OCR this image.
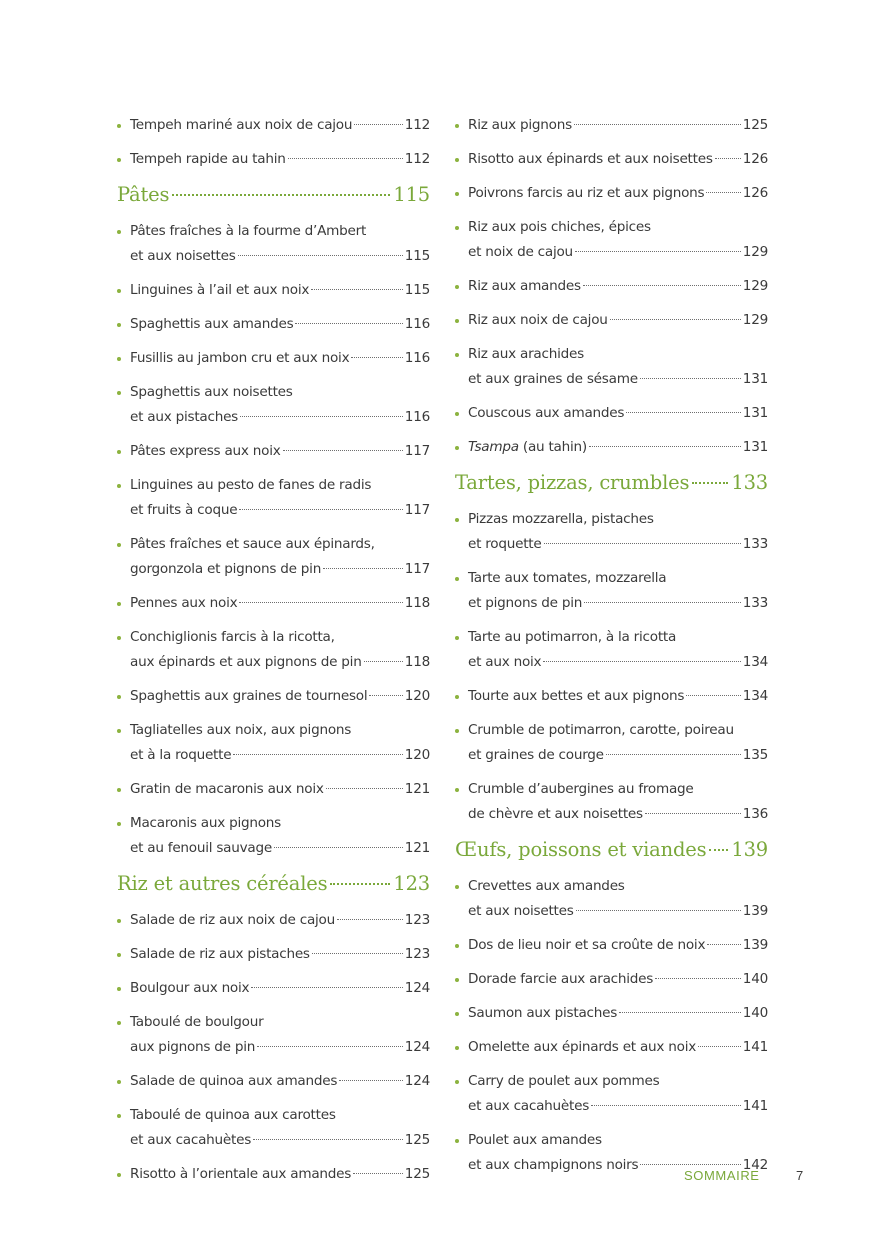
Tempeh mariné aux noix de cajou	112
Tempeh rapide au tahin	112
Pâtes	115
Pâtes fraîches à la fourme d’Ambert
et aux noisettes	115
Linguines à l’ail et aux noix	115
Spaghettis aux amandes	116
Fusillis au jambon cru et aux noix	116
Spaghettis aux noisettes
et aux pistaches	116
Pâtes express aux noix	117
Linguines au pesto de fanes de radis
et fruits à coque	117
Pâtes fraîches et sauce aux épinards,
gorgonzola et pignons de pin	117
Pennes aux noix	118
Conchiglionis farcis à la ricotta,
aux épinards et aux pignons de pin	118
Spaghettis aux graines de tournesol	120
Tagliatelles aux noix, aux pignons
et à la roquette	120
Gratin de macaronis aux noix	121
Macaronis aux pignons
et au fenouil sauvage	121
Riz et autres céréales	123
Salade de riz aux noix de cajou	123
Salade de riz aux pistaches	123
Boulgour aux noix	124
Taboulé de boulgour
aux pignons de pin	124
Salade de quinoa aux amandes	124
Taboulé de quinoa aux carottes
et aux cacahuètes	125
Risotto à l’orientale aux amandes	125
Riz aux pignons	125
Risotto aux épinards et aux noisettes 126
Poivrons farcis au riz et aux pignons	126
Riz aux pois chiches, épices
et noix de cajou	129
Riz aux amandes	129
Riz aux noix de cajou	129
Riz aux arachides
et aux graines de sésame	131
Couscous aux amandes	131
Tsampa (au tahin)	131
Tartes, pizzas, crumbles 133
Pizzas mozzarella, pistaches
et roquette	133
Tarte aux tomates, mozzarella
et pignons de pin	133
Tarte au potimarron, à la ricotta
et aux noix	134
Tourte aux bettes et aux pignons	134
Crumble de potimarron, carotte, poireau
et graines de courge	135
Crumble d’aubergines au fromage
de chèvre et aux noisettes	136
Œufs, poissons et viandes 139
Crevettes aux amandes
et aux noisettes	139
Dos de lieu noir et sa croûte de noix	139
Dorade farcie aux arachides	140
Saumon aux pistaches	140
Omelette aux épinards et aux noix	141
Carry de poulet aux pommes
et aux cacahuètes	141
Poulet aux amandes
et aux champignons noirs	142
SOMMAIRE	7
